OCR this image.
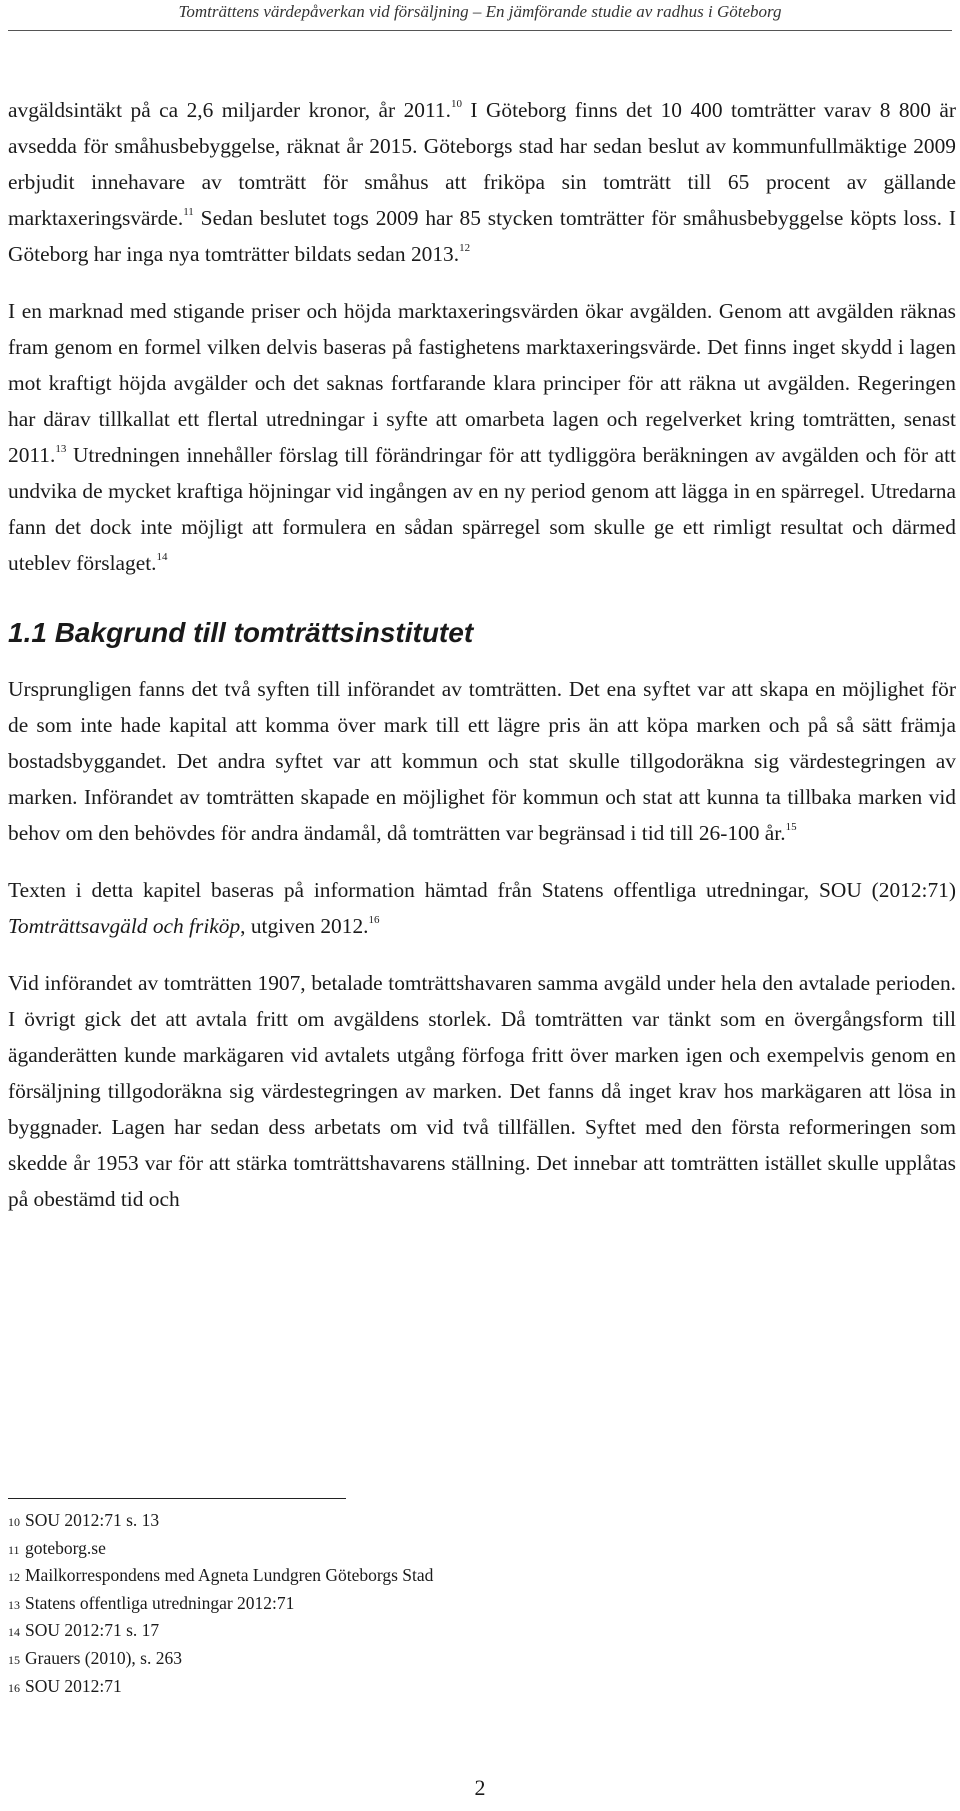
Tomträttens värdepåverkan vid försäljning – En jämförande studie av radhus i Göteborg

avgäldsintäkt på ca 2,6 miljarder kronor, år 2011.10 I Göteborg finns det 10 400 tomträtter varav 8 800 är avsedda för småhusbebyggelse, räknat år 2015. Göteborgs stad har sedan beslut av kommunfullmäktige 2009 erbjudit innehavare av tomträtt för småhus att friköpa sin tomträtt till 65 procent av gällande marktaxeringsvärde.$^{11}$ Sedan beslutet togs 2009 har 85 stycken tomträtter för småhusbebyggelse köpts loss. I Göteborg har inga nya tomträtter bildats sedan 2013.12

I en marknad med stigande priser och höjda marktaxeringsvärden ökar avgälden. Genom att avgälden räknas fram genom en formel vilken delvis baseras på fastighetens marktaxeringsvärde. Det finns inget skydd i lagen mot kraftigt höjda avgälder och det saknas fortfarande klara principer för att räkna ut avgälden. Regeringen har därav tillkallat ett flertal utredningar i syfte att omarbeta lagen och regelverket kring tomträtten, senast 2011.13 Utredningen innehåller förslag till förändringar för att tydliggöra beräkningen av avgälden och för att undvika de mycket kraftiga höjningar vid ingången av en ny period genom att lägga in en spärregel. Utredarna fann det dock inte möjligt att formulera en sådan spärregel som skulle ge ett rimligt resultat och därmed uteblev förslaget.$^{14}$

1.1 Bakgrund till tomträttsinstitutet

Ursprungligen fanns det två syften till införandet av tomträtten. Det ena syftet var att skapa en möjlighet för de som inte hade kapital att komma över mark till ett lägre pris än att köpa marken och på så sätt främja bostadsbyggandet. Det andra syftet var att kommun och stat skulle tillgodoräkna sig värdestegringen av marken. Införandet av tomträtten skapade en möjlighet för kommun och stat att kunna ta tillbaka marken vid behov om den behövdes för andra ändamål, då tomträtten var begränsad i tid till 26-100 år.$^{15}$

Texten i detta kapitel baseras på information hämtad från Statens offentliga utredningar, SOU (2012:71) Tomträttsavgäld och friköp, utgiven 2012.16

Vid införandet av tomträtten 1907, betalade tomträttshavaren samma avgäld under hela den avtalade perioden. I övrigt gick det att avtala fritt om avgäldens storlek. Då tomträtten var tänkt som en övergångsform till äganderätten kunde markägaren vid avtalets utgång förfoga fritt över marken igen och exempelvis genom en försäljning tillgodoräkna sig värdestegringen av marken. Det fanns då inget krav hos markägaren att lösa in byggnader. Lagen har sedan dess arbetats om vid två tillfällen. Syftet med den första reformeringen som skedde år 1953 var för att stärka tomträttshavarens ställning. Det innebar att tomträtten istället skulle upplåtas på obestämd tid och

10 SOU 2012:71 s. 13
11 goteborg.se
12 Mailkorrespondens med Agneta Lundgren Göteborgs Stad
13 Statens offentliga utredningar 2012:71
14 SOU 2012:71 s. 17
15 Grauers (2010), s. 263
16 SOU 2012:71
2
